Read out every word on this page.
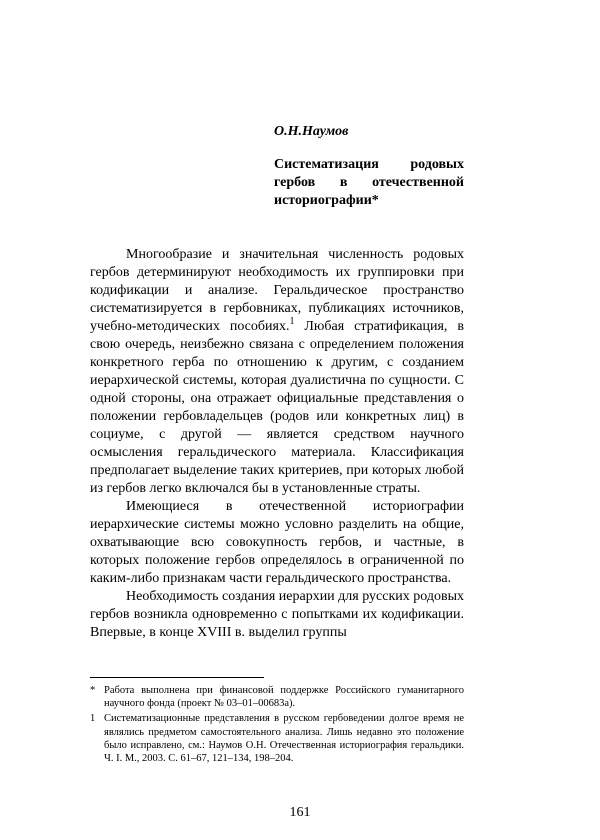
О.Н.Наумов
Систематизация родовых гербов в отечественной историографии*

Многообразие и значительная численность родовых гербов детерминируют необходимость их группировки при кодификации и анализе. Геральдическое пространство систематизируется в гербовниках, публикациях источников, учебно-методических пособиях.$^1$ Любая стратификация, в свою очередь, неизбежно связана с определением положения конкретного герба по отношению к другим, с созданием иерархической системы, которая дуалистична по сущности. С одной стороны, она отражает официальные представления о положении гербовладельцев (родов или конкретных лиц) в социуме, с другой — является средством научного осмысления геральдического материала. Классификация предполагает выделение таких критериев, при которых любой из гербов легко включался бы в установленные страты.

Имеющиеся в отечественной историографии иерархические системы можно условно разделить на общие, охватывающие всю совокупность гербов, и частные, в которых положение гербов определялось в ограниченной по каким-либо признакам части геральдического пространства.

Необходимость создания иерархии для русских родовых гербов возникла одновременно с попытками их кодификации. Впервые, в конце XVIII в. выделил группы

* Работа выполнена при финансовой поддержке Российского гуманитарного научного фонда (проект № 03–01–00683а).
1 Систематизационные представления в русском гербоведении долгое время не являлись предметом самостоятельного анализа. Лишь недавно это положение было исправлено, см.: Наумов О.Н. Отечественная историография геральдики. Ч. I. М., 2003. С. 61–67, 121–134, 198–204.
161
